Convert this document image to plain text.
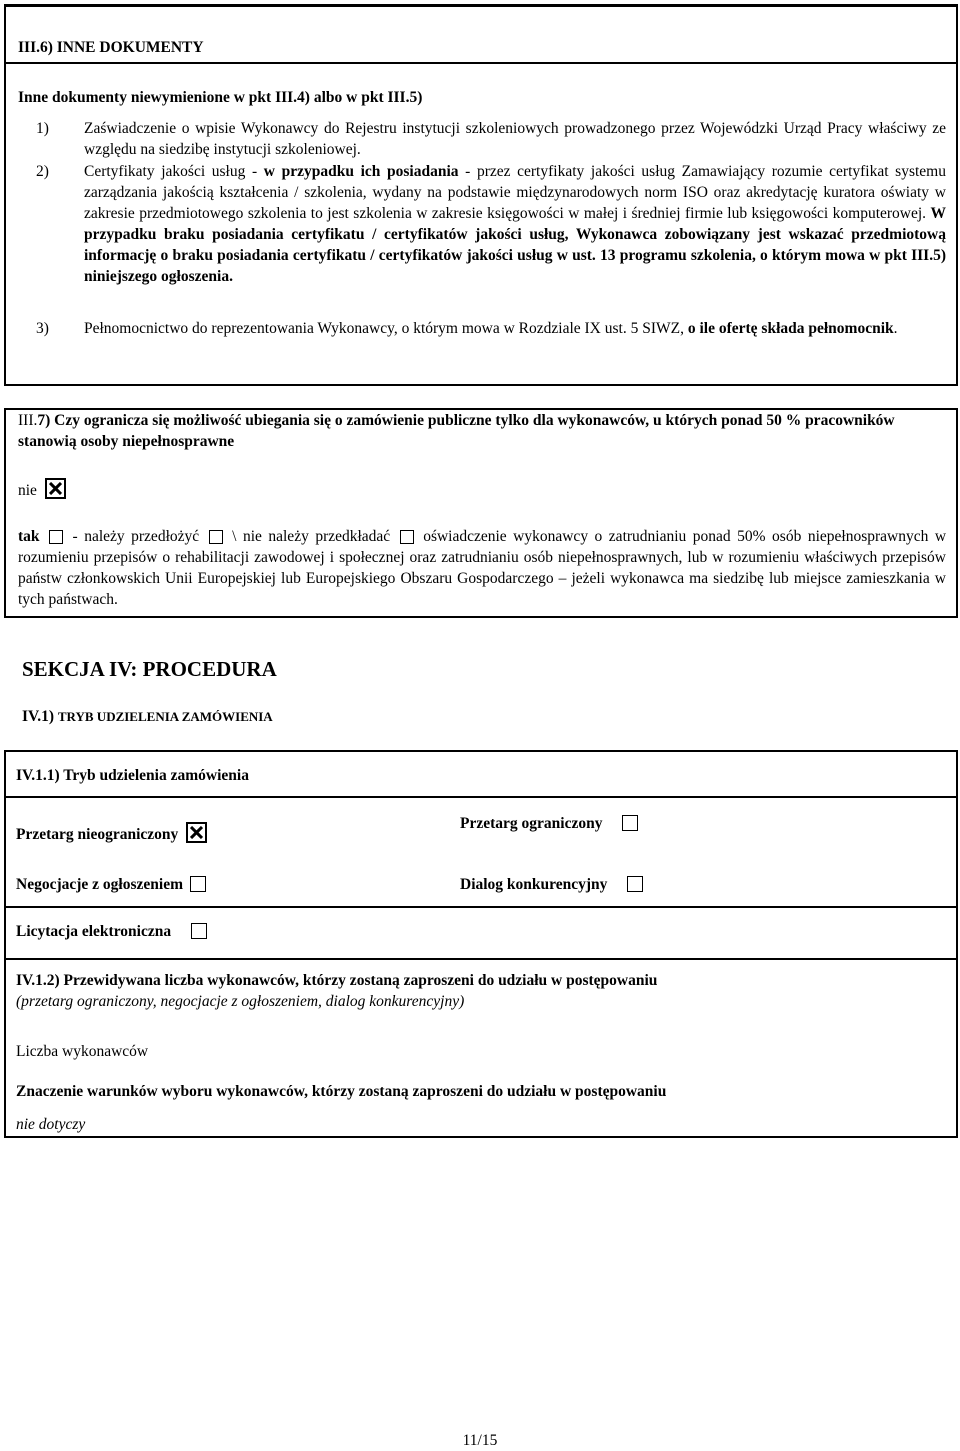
III.6) INNE DOKUMENTY
Inne dokumenty niewymienione w pkt III.4) albo w pkt III.5)
1) Zaświadczenie o wpisie Wykonawcy do Rejestru instytucji szkoleniowych prowadzonego przez Wojewódzki Urząd Pracy właściwy ze względu na siedzibę instytucji szkoleniowej.

2) Certyfikaty jakości usług - w przypadku ich posiadania - przez certyfikaty jakości usług Zamawiający rozumie certyfikat systemu zarządzania jakością kształcenia / szkolenia, wydany na podstawie międzynarodowych norm ISO oraz akredytację kuratora oświaty w zakresie przedmiotowego szkolenia to jest szkolenia w zakresie księgowości w małej i średniej firmie lub księgowości komputerowej. W przypadku braku posiadania certyfikatu / certyfikatów jakości usług, Wykonawca zobowiązany jest wskazać przedmiotową informację o braku posiadania certyfikatu / certyfikatów jakości usług w ust. 13 programu szkolenia, o którym mowa w pkt III.5) niniejszego ogłoszenia.

3) Pełnomocnictwo do reprezentowania Wykonawcy, o którym mowa w Rozdziale IX ust. 5 SIWZ, o ile ofertę składa pełnomocnik.

III.7) Czy ogranicza się możliwość ubiegania się o zamówienie publiczne tylko dla wykonawców, u których ponad 50 % pracowników stanowią osoby niepełnosprawne
nie
tak - należy przedłożyć \ nie należy przedkładać oświadczenie wykonawcy o zatrudnianiu ponad 50% osób niepełnosprawnych w rozumieniu przepisów o rehabilitacji zawodowej i społecznej oraz zatrudnianiu osób niepełnosprawnych, lub w rozumieniu właściwych przepisów państw członkowskich Unii Europejskiej lub Europejskiego Obszaru Gospodarczego – jeżeli wykonawca ma siedzibę lub miejsce zamieszkania w tych państwach.
SEKCJA IV: PROCEDURA
IV.1) TRYB UDZIELENIA ZAMÓWIENIA
IV.1.1) Tryb udzielenia zamówienia
Przetarg nieograniczony
Przetarg ograniczony
Negocjacje z ogłoszeniem	Dialog konkurencyjny
Licytacja elektroniczna
IV.1.2) Przewidywana liczba wykonawców, którzy zostaną zaproszeni do udziału w postępowaniu
(przetarg ograniczony, negocjacje z ogłoszeniem, dialog konkurencyjny)
Liczba wykonawców
Znaczenie warunków wyboru wykonawców, którzy zostaną zaproszeni do udziału w postępowaniu
nie dotyczy
11/15
